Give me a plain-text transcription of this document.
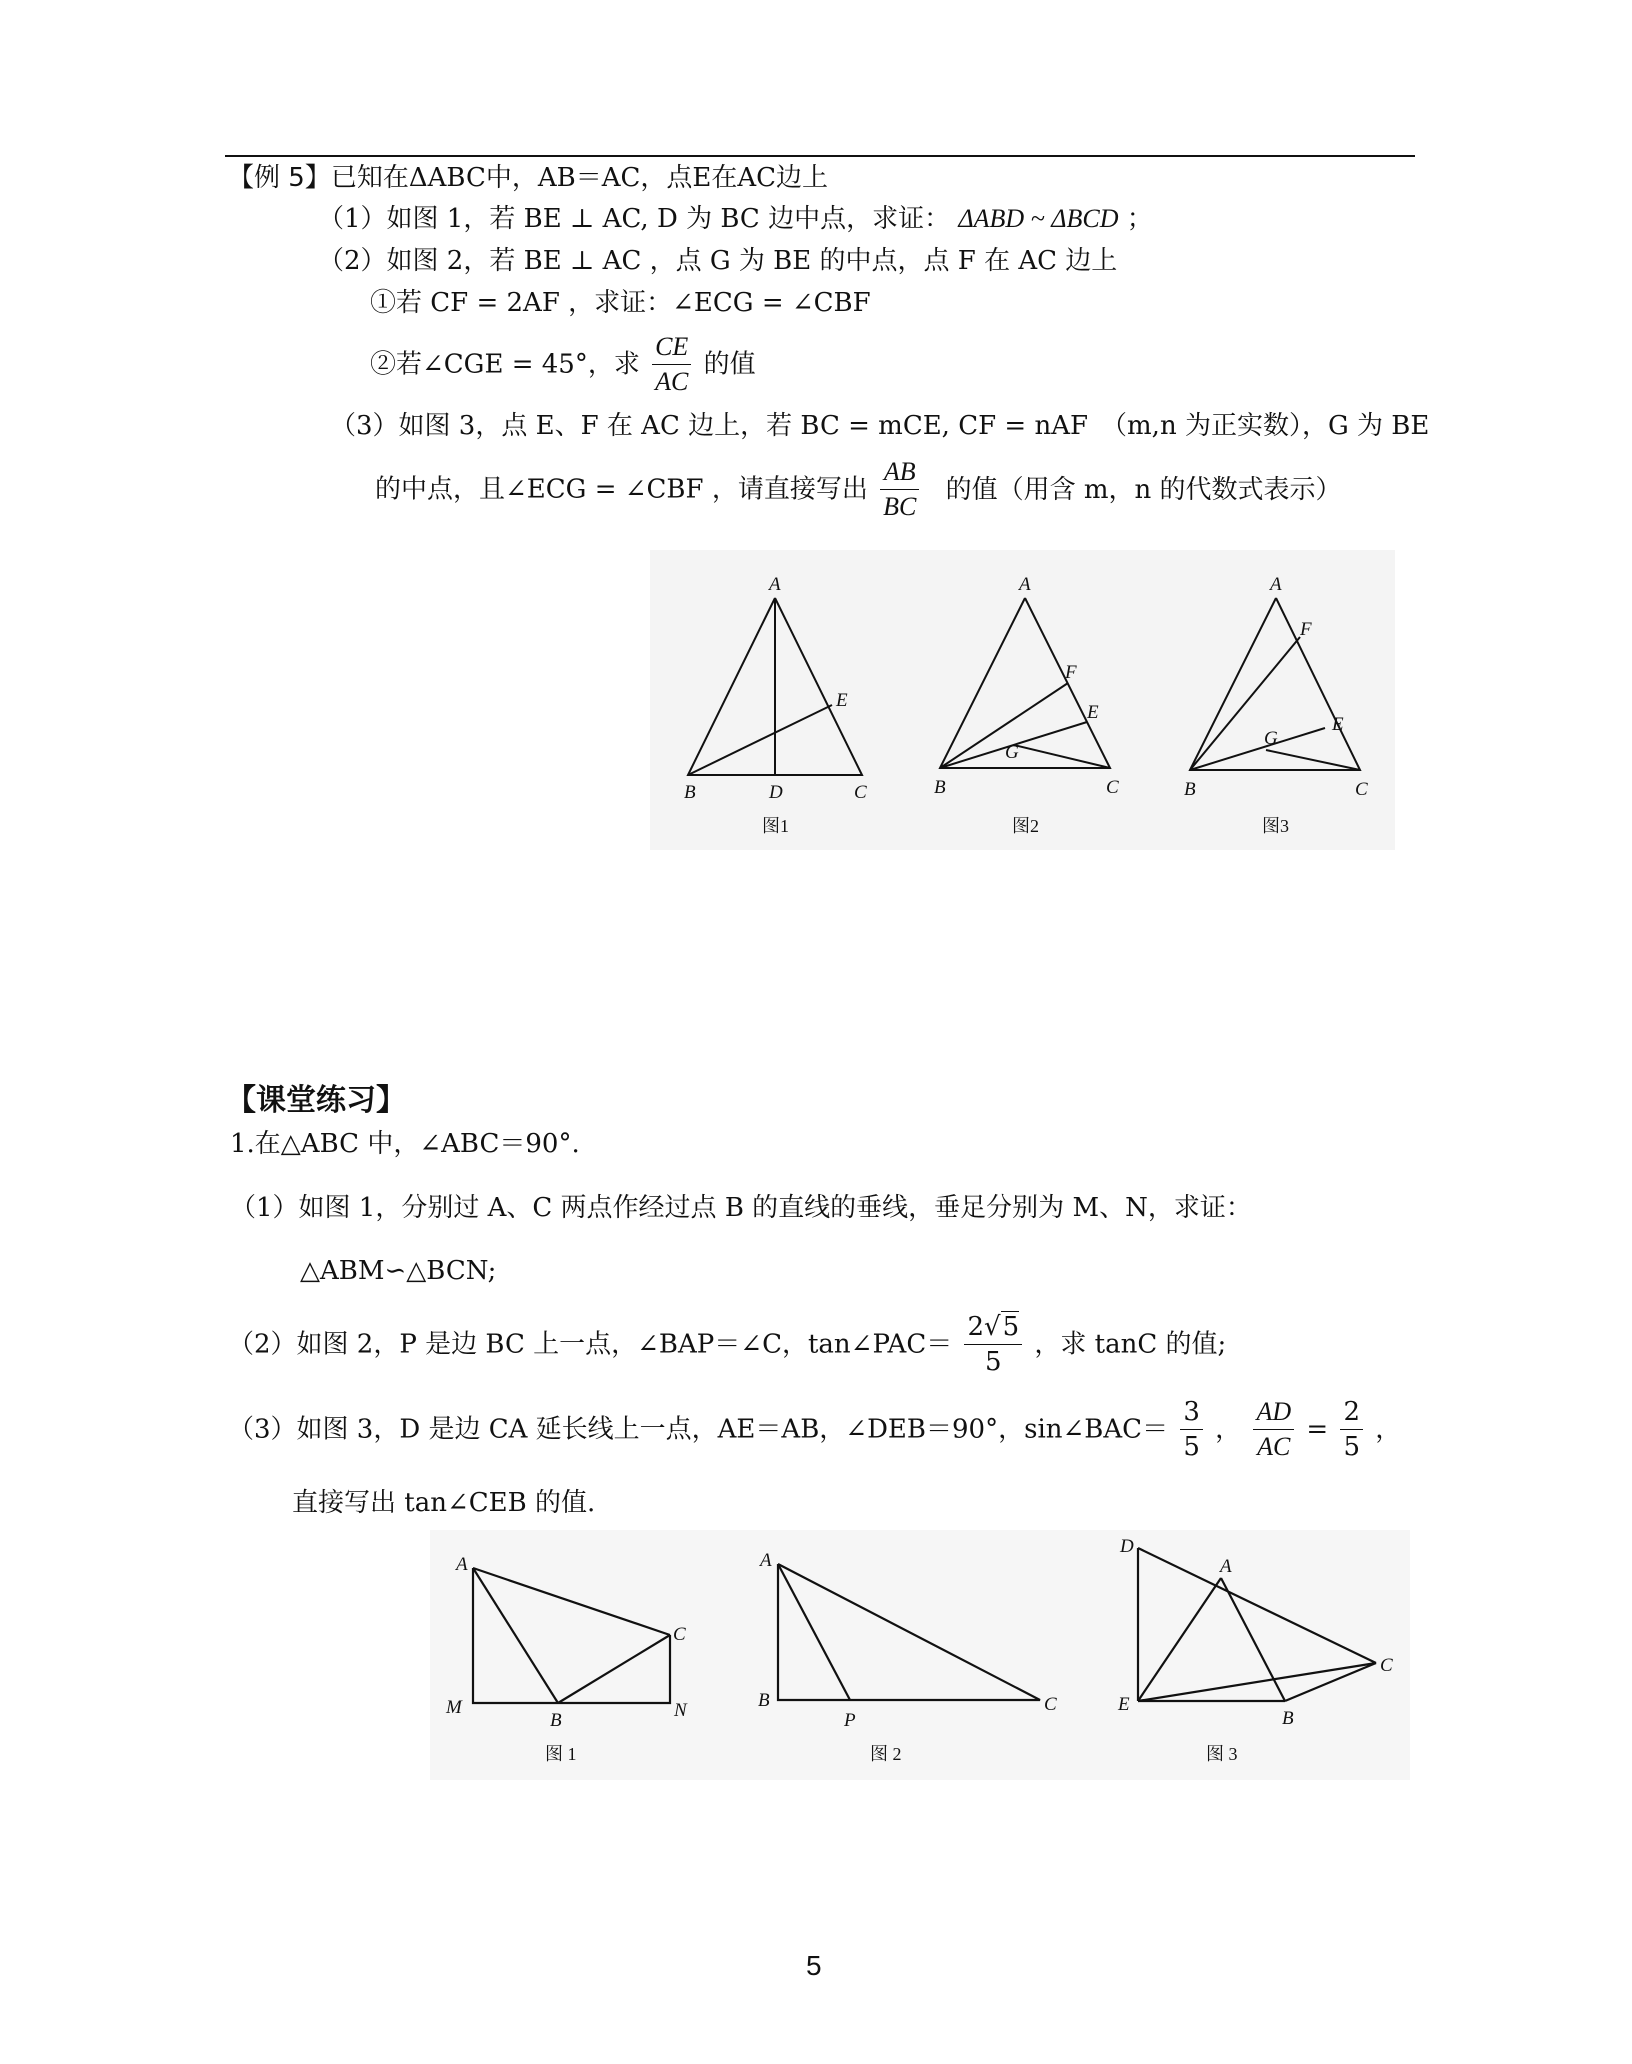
【例 5】已知在ΔABC中，AB＝AC，点E在AC边上
（1）如图 1，若 BE ⊥ AC, D 为 BC 边中点，求证： ΔABD ~ ΔBCD ；
（2）如图 2，若 BE ⊥ AC ，点 G 为 BE 的中点，点 F 在 AC 边上
①若 CF = 2AF ，求证：∠ECG = ∠CBF
②若∠CGE = 45°，求 $\frac{CE}{AC}$ 的值
（3）如图 3，点 E、F 在 AC 边上，若 BC = mCE, CF = nAF　（m,n 为正实数），G 为 BE
的中点，且∠ECG = ∠CBF ，请直接写出 $\frac{AB}{BC}$ 的值（用含 m，n 的代数式表示）
A
E
B	D	C
图1
A
F
E
G
B	C
图2
A
F
E
G
B	C
图3
【课堂练习】
1.在△ABC 中，∠ABC＝90°.
（1）如图 1，分别过 A、C 两点作经过点 B 的直线的垂线，垂足分别为 M、N，求证：
△ABM∽△BCN;
（2）如图 2，P 是边 BC 上一点，∠BAP＝∠C，tan∠PAC＝ $\frac{2√5}{5}$ ，求 tanC 的值;
（3）如图 3，D 是边 CA 延长线上一点，AE＝AB，∠DEB＝90°，sin∠BAC＝ $\frac{3}{5}$ ， $\frac{AD}{AC} = \frac{2}{5}$ ，
直接写出 tan∠CEB 的值.
A
C
M
B	N
图 1
A
B
P
C
图 2
D
A
C
E
B
图 3
5
